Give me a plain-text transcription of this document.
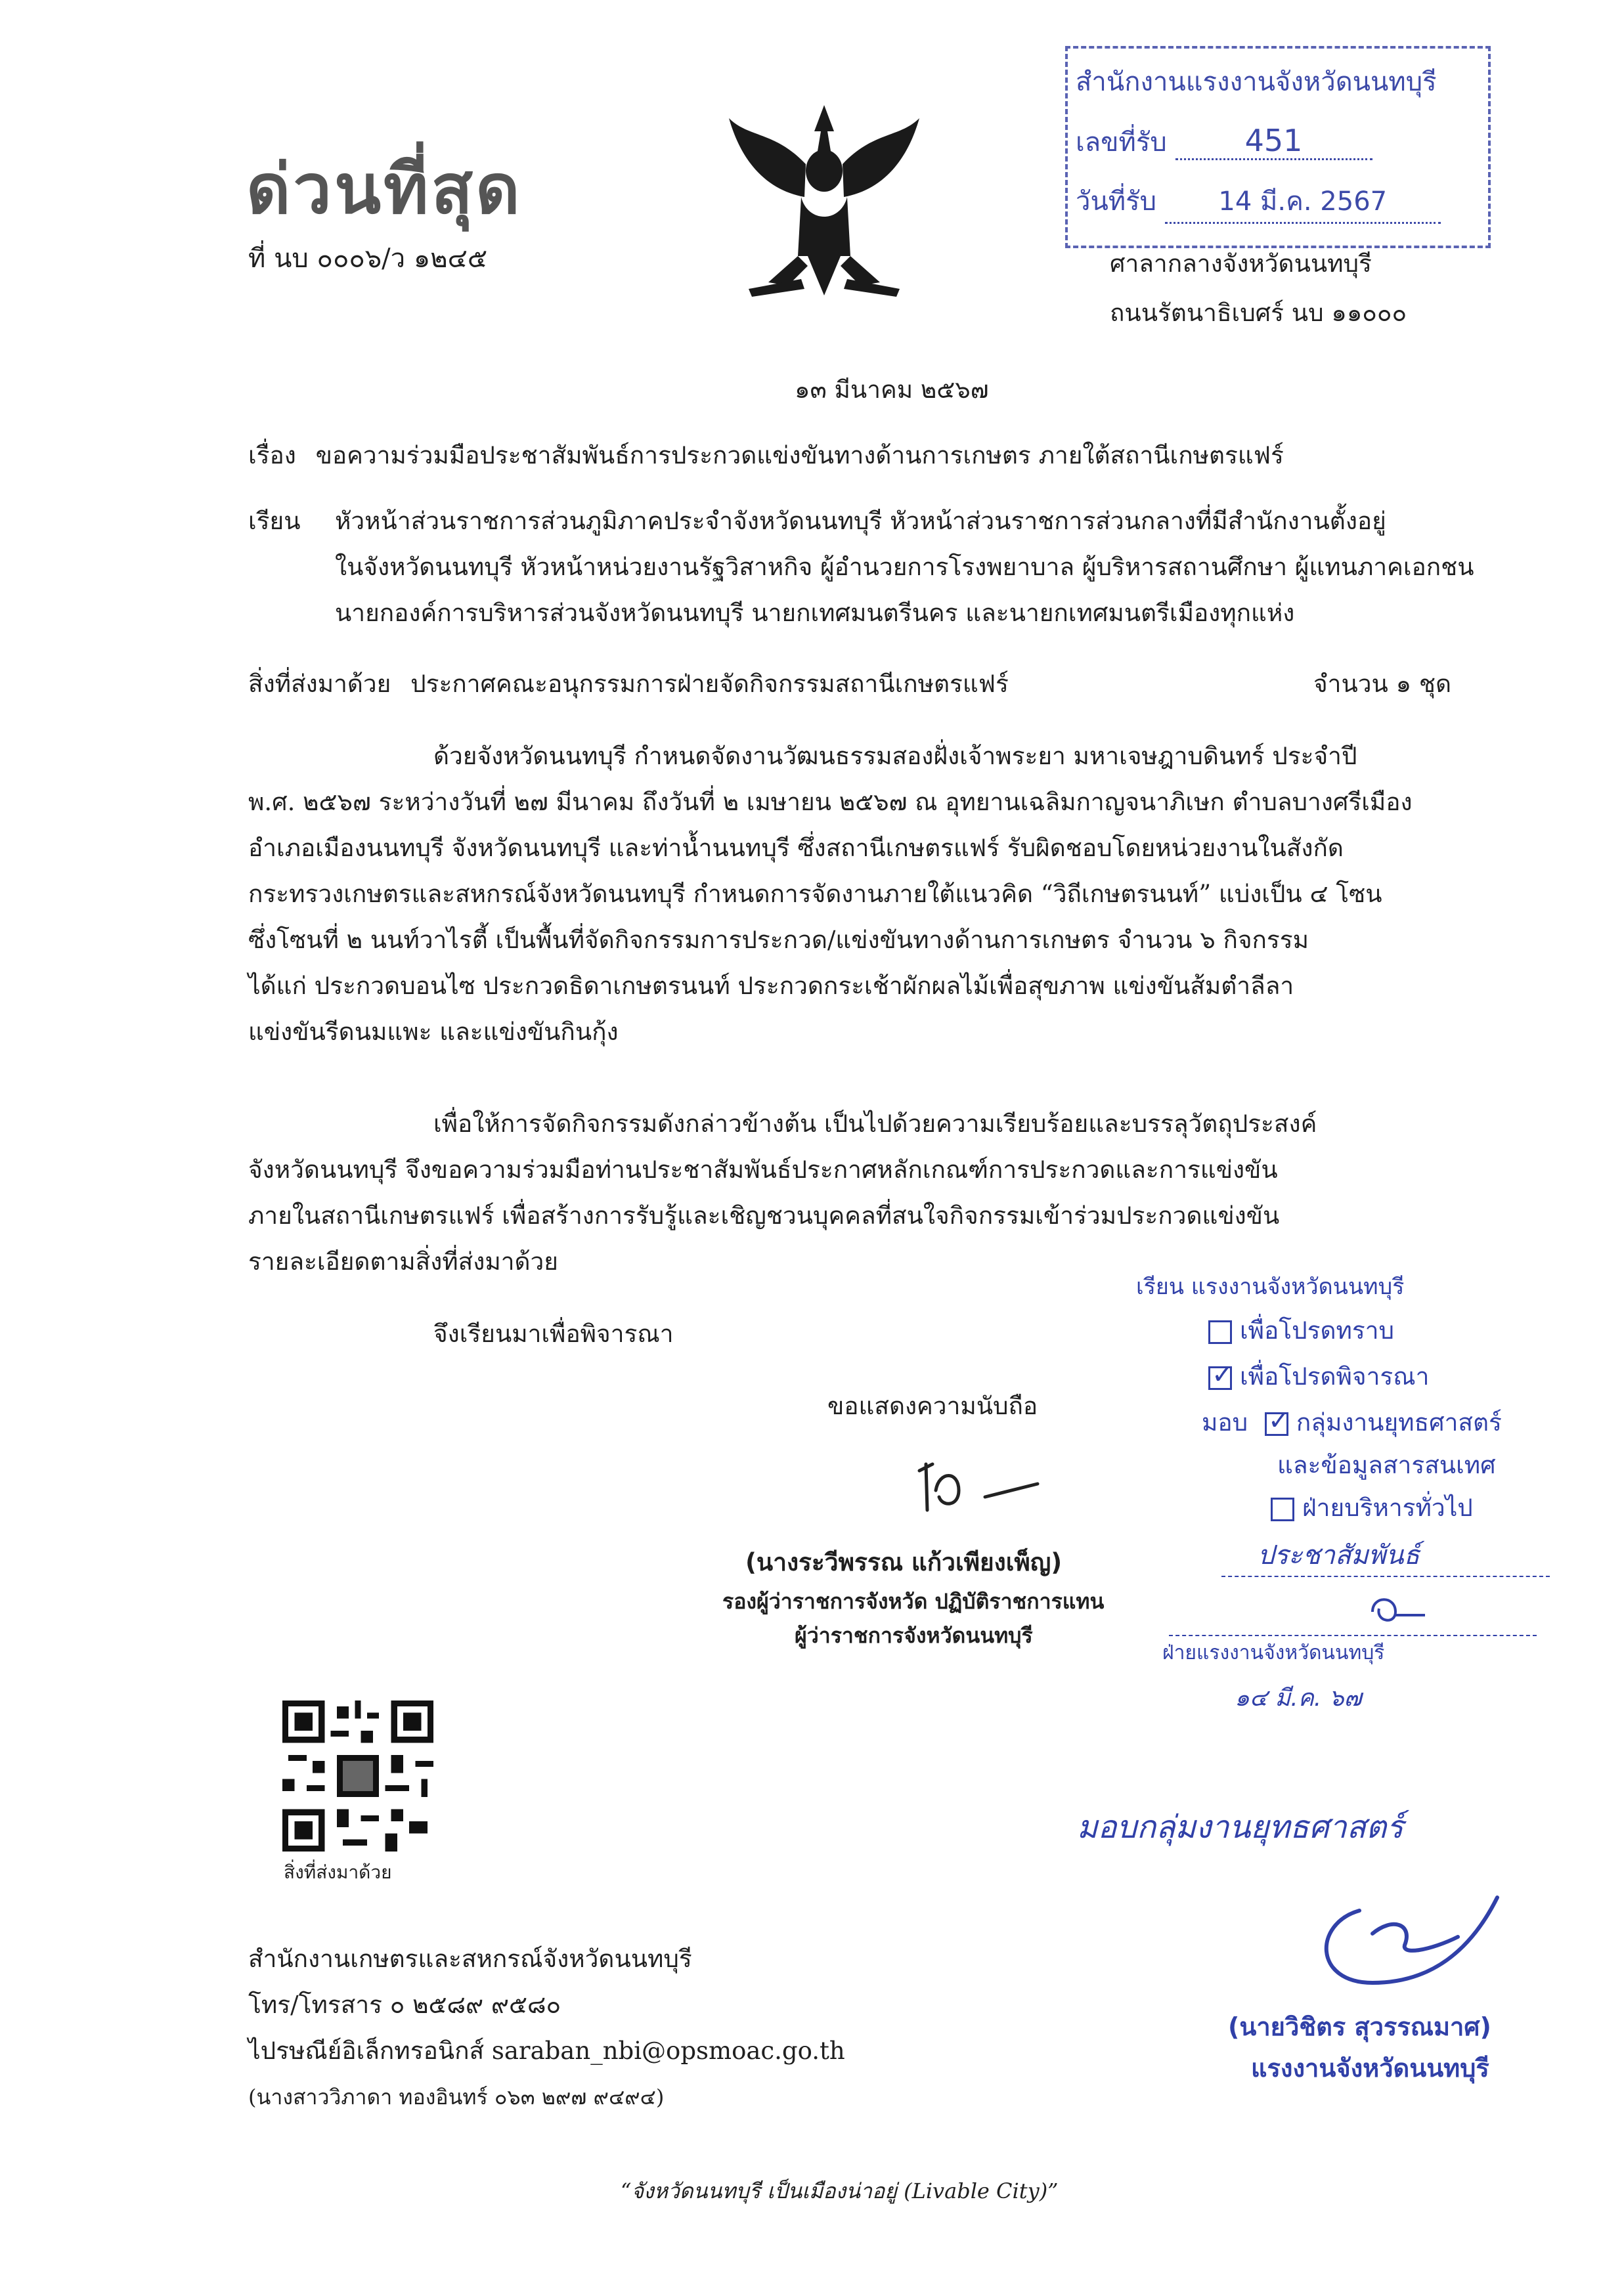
ด่วนที่สุด
ที่ นบ ๐๐๐๖/ว ๑๒๔๕
สำนักงานแรงงานจังหวัดนนทบุรี
เลขที่รับ	451
วันที่รับ 14 มี.ค. 2567
ศาลากลางจังหวัดนนทบุรี
ถนนรัตนาธิเบศร์ นบ ๑๑๐๐๐
๑๓ มีนาคม ๒๕๖๗
เรื่อง ขอความร่วมมือประชาสัมพันธ์การประกวดแข่งขันทางด้านการเกษตร ภายใต้สถานีเกษตรแฟร์
เรียน หัวหน้าส่วนราชการส่วนภูมิภาคประจำจังหวัดนนทบุรี หัวหน้าส่วนราชการส่วนกลางที่มีสำนักงานตั้งอยู่
ในจังหวัดนนทบุรี หัวหน้าหน่วยงานรัฐวิสาหกิจ ผู้อำนวยการโรงพยาบาล ผู้บริหารสถานศึกษา ผู้แทนภาคเอกชน
นายกองค์การบริหารส่วนจังหวัดนนทบุรี นายกเทศมนตรีนคร และนายกเทศมนตรีเมืองทุกแห่ง
สิ่งที่ส่งมาด้วย ประกาศคณะอนุกรรมการฝ่ายจัดกิจกรรมสถานีเกษตรแฟร์	จำนวน ๑ ชุด
ด้วยจังหวัดนนทบุรี กำหนดจัดงานวัฒนธรรมสองฝั่งเจ้าพระยา มหาเจษฎาบดินทร์ ประจำปี
พ.ศ. ๒๕๖๗ ระหว่างวันที่ ๒๗ มีนาคม ถึงวันที่ ๒ เมษายน ๒๕๖๗ ณ อุทยานเฉลิมกาญจนาภิเษก ตำบลบางศรีเมือง
อำเภอเมืองนนทบุรี จังหวัดนนทบุรี และท่าน้ำนนทบุรี ซึ่งสถานีเกษตรแฟร์ รับผิดชอบโดยหน่วยงานในสังกัด
กระทรวงเกษตรและสหกรณ์จังหวัดนนทบุรี กำหนดการจัดงานภายใต้แนวคิด “วิถีเกษตรนนท์” แบ่งเป็น ๔ โซน
ซึ่งโซนที่ ๒ นนท์วาไรตี้ เป็นพื้นที่จัดกิจกรรมการประกวด/แข่งขันทางด้านการเกษตร จำนวน ๖ กิจกรรม
ได้แก่ ประกวดบอนไซ ประกวดธิดาเกษตรนนท์ ประกวดกระเช้าผักผลไม้เพื่อสุขภาพ แข่งขันส้มตำลีลา
แข่งขันรีดนมแพะ และแข่งขันกินกุ้ง
เพื่อให้การจัดกิจกรรมดังกล่าวข้างต้น เป็นไปด้วยความเรียบร้อยและบรรลุวัตถุประสงค์
จังหวัดนนทบุรี จึงขอความร่วมมือท่านประชาสัมพันธ์ประกาศหลักเกณฑ์การประกวดและการแข่งขัน
ภายในสถานีเกษตรแฟร์ เพื่อสร้างการรับรู้และเชิญชวนบุคคลที่สนใจกิจกรรมเข้าร่วมประกวดแข่งขัน
รายละเอียดตามสิ่งที่ส่งมาด้วย
จึงเรียนมาเพื่อพิจารณา
ขอแสดงความนับถือ
(นางระวีพรรณ แก้วเพียงเพ็ญ)
รองผู้ว่าราชการจังหวัด ปฏิบัติราชการแทน
ผู้ว่าราชการจังหวัดนนทบุรี
เรียน แรงงานจังหวัดนนทบุรี
เพื่อโปรดทราบ
✓เพื่อโปรดพิจารณา
มอบ ✓ กลุ่มงานยุทธศาสตร์
และข้อมูลสารสนเทศ
ฝ่ายบริหารทั่วไป
ประชาสัมพันธ์
ฝ่ายแรงงานจังหวัดนนทบุรี
๑๔ มี.ค. ๖๗
มอบกลุ่มงานยุทธศาสตร์
(นายวิชิตร สุวรรณมาศ)
แรงงานจังหวัดนนทบุรี
สิ่งที่ส่งมาด้วย
สำนักงานเกษตรและสหกรณ์จังหวัดนนทบุรี
โทร/โทรสาร ๐ ๒๕๘๙ ๙๕๘๐
ไปรษณีย์อิเล็กทรอนิกส์ saraban_nbi@opsmoac.go.th
(นางสาววิภาดา ทองอินทร์ ๐๖๓ ๒๙๗ ๙๔๙๔)
“จังหวัดนนทบุรี เป็นเมืองน่าอยู่ (Livable City)”
